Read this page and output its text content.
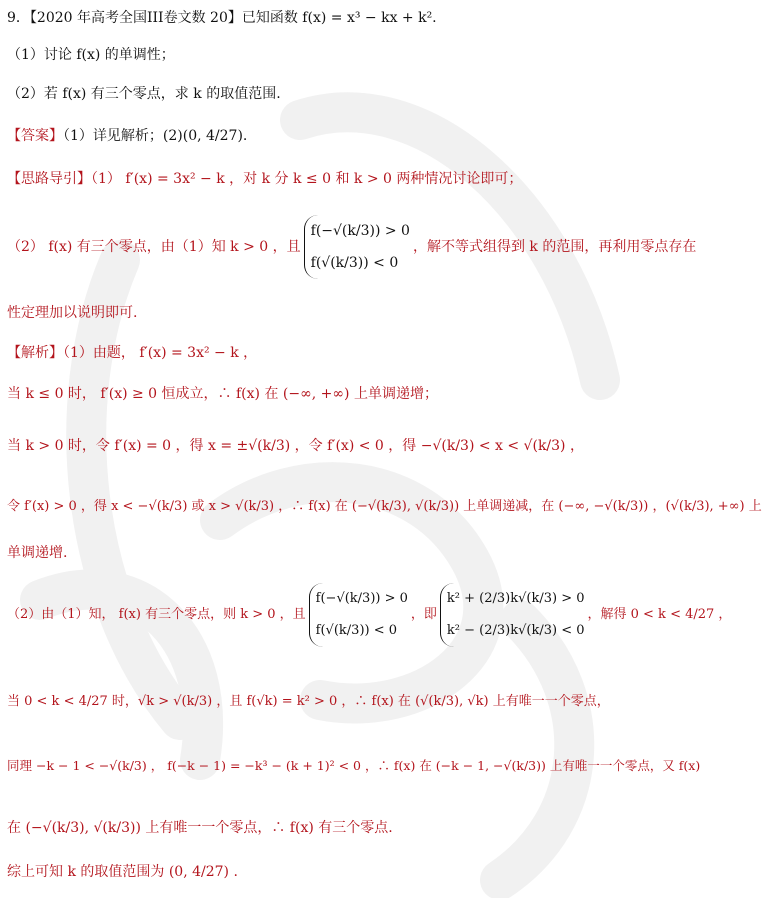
9．【2020 年高考全国III卷文数 20】已知函数 f(x) = x³ − kx + k².
（1）讨论 f(x) 的单调性；
（2）若 f(x) 有三个零点，求 k 的取值范围.
【答案】（1）详见解析；(2)(0, 4/27).
【思路导引】（1） f′(x) = 3x² − k ，对 k 分 k ≤ 0 和 k > 0 两种情况讨论即可；
（2） f(x) 有三个零点，由（1）知 k > 0 ，且
f(−√(k/3)) > 0
f(√(k/3)) < 0
，解不等式组得到 k 的范围，再利用零点存在
性定理加以说明即可.
【解析】（1）由题， f′(x) = 3x² − k ，
当 k ≤ 0 时， f′(x) ≥ 0 恒成立，∴ f(x) 在 (−∞, +∞) 上单调递增；
当 k > 0 时，令 f′(x) = 0 ，得 x = ±√(k/3) ，令 f′(x) < 0 ，得 −√(k/3) < x < √(k/3) ，
令 f′(x) > 0 ，得 x < −√(k/3) 或 x > √(k/3) ，∴ f(x) 在 (−√(k/3), √(k/3)) 上单调递减，在 (−∞, −√(k/3)) ，(√(k/3), +∞) 上
单调递增.
（2）由（1）知， f(x) 有三个零点，则 k > 0 ，且
f(−√(k/3)) > 0
f(√(k/3)) < 0
，即
k² + (2/3)k√(k/3) > 0
k² − (2/3)k√(k/3) < 0
，解得 0 < k < 4/27 ，
当 0 < k < 4/27 时，√k > √(k/3) ，且 f(√k) = k² > 0 ，∴ f(x) 在 (√(k/3), √k) 上有唯一一个零点，
同理 −k − 1 < −√(k/3) ， f(−k − 1) = −k³ − (k + 1)² < 0 ，∴ f(x) 在 (−k − 1, −√(k/3)) 上有唯一一个零点，又 f(x)
在 (−√(k/3), √(k/3)) 上有唯一一个零点，∴ f(x) 有三个零点.
综上可知 k 的取值范围为 (0, 4/27) .
